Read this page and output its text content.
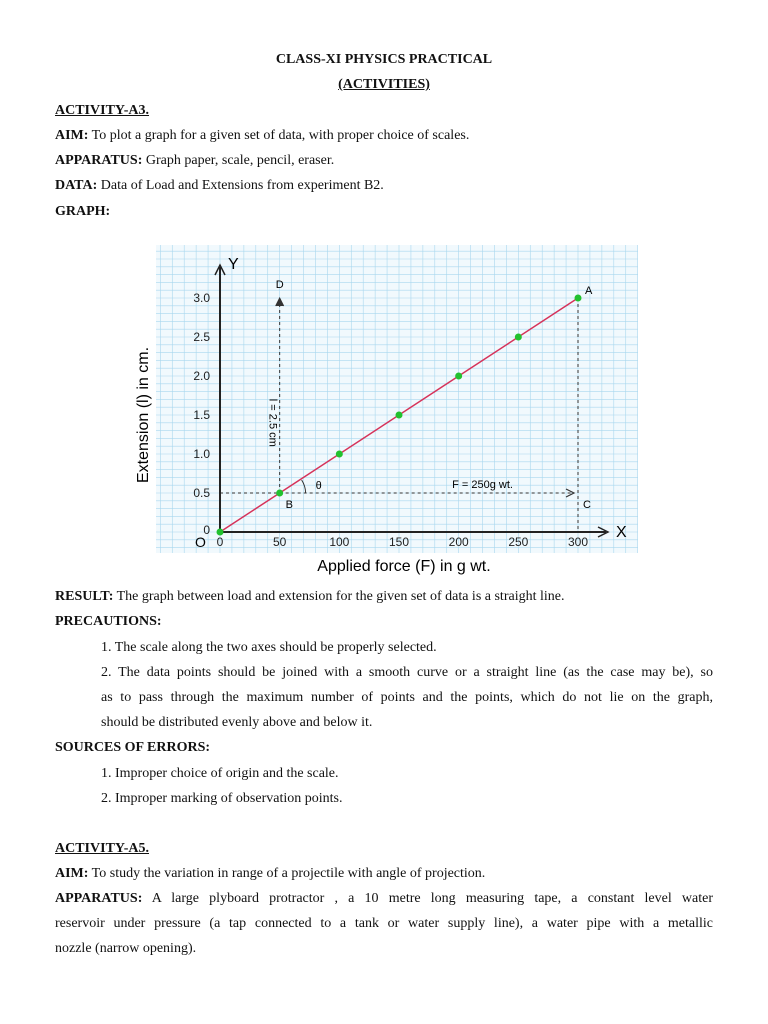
CLASS-XI PHYSICS PRACTICAL
(ACTIVITIES)
ACTIVITY-A3.
AIM: To plot a graph for a given set of data, with proper choice of scales.
APPARATUS: Graph paper, scale, pencil, eraser.
DATA: Data of Load and Extensions from experiment B2.
GRAPH:
0	50	100	150	200	250	300
0.5
1.0
1.5
2.0
2.5
3.0
0
Y
X
O
A
B	C
D
θ	F = 250g wt.
l = 2.5 cm
Extension (l) in cm.
Applied force (F) in g wt.
RESULT: The graph between load and extension for the given set of data is a straight line.
PRECAUTIONS:
1. The scale along the two axes should be properly selected.
2. The data points should be joined with a smooth curve or a straight line (as the case may be), so
as to pass through the maximum number of points and the points, which do not lie on the graph,
should be distributed evenly above and below it.
SOURCES OF ERRORS:
1. Improper choice of origin and the scale.
2. Improper marking of observation points.
ACTIVITY-A5.
AIM: To study the variation in range of a projectile with angle of projection.
APPARATUS: A large plyboard protractor , a 10 metre long measuring tape, a constant level water
reservoir under pressure (a tap connected to a tank or water supply line), a water pipe with a metallic
nozzle (narrow opening).
